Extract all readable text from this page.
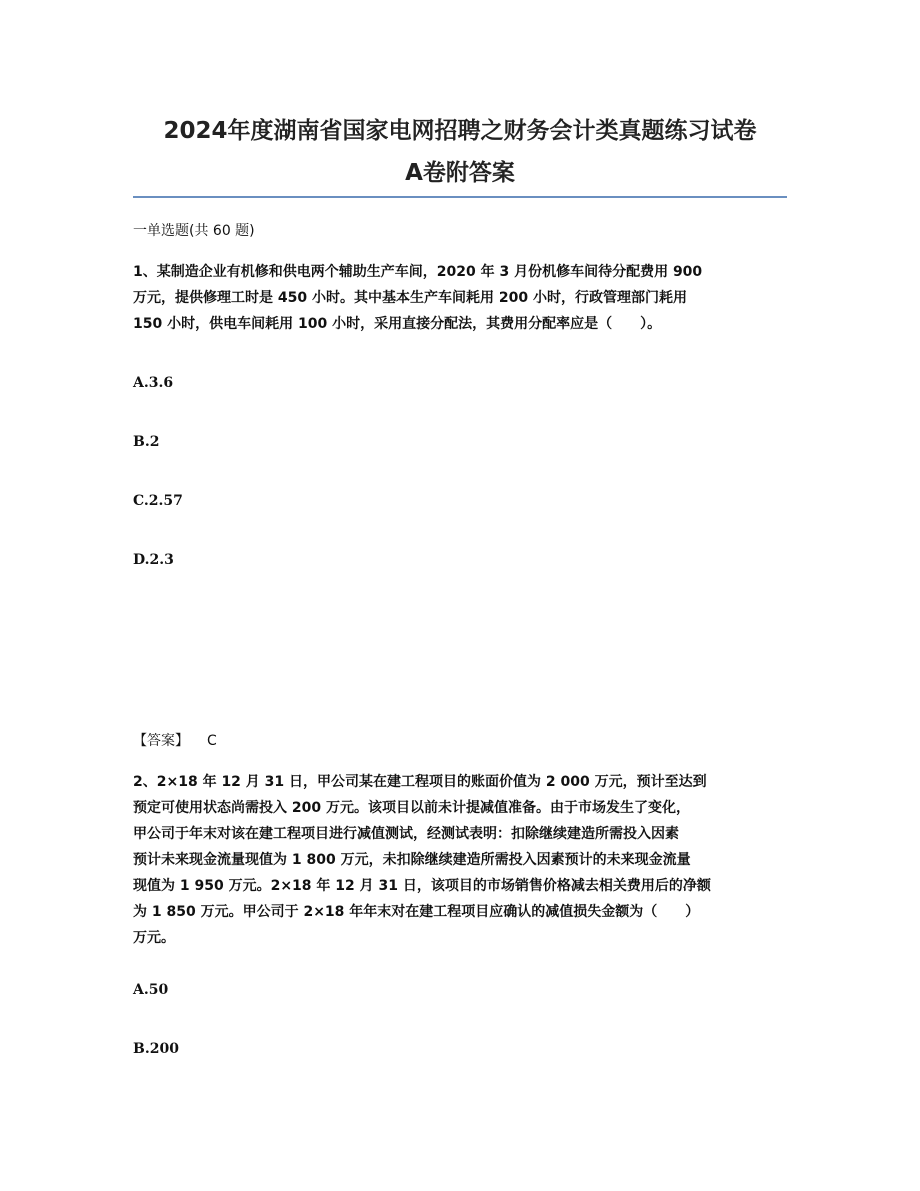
2024年度湖南省国家电网招聘之财务会计类真题练习试卷
A卷附答案
一单选题(共 60 题)
1、某制造企业有机修和供电两个辅助生产车间，2020 年 3 月份机修车间待分配费用 900
万元，提供修理工时是 450 小时。其中基本生产车间耗用 200 小时，行政管理部门耗用
150 小时，供电车间耗用 100 小时，采用直接分配法，其费用分配率应是（　　）。
A.3.6
B.2
C.2.57
D.2.3
【答案】 C
2、2×18 年 12 月 31 日，甲公司某在建工程项目的账面价值为 2 000 万元，预计至达到
预定可使用状态尚需投入 200 万元。该项目以前未计提减值准备。由于市场发生了变化，
甲公司于年末对该在建工程项目进行减值测试，经测试表明：扣除继续建造所需投入因素
预计未来现金流量现值为 1 800 万元，未扣除继续建造所需投入因素预计的未来现金流量
现值为 1 950 万元。2×18 年 12 月 31 日，该项目的市场销售价格减去相关费用后的净额
为 1 850 万元。甲公司于 2×18 年年末对在建工程项目应确认的减值损失金额为（　　）
万元。
A.50
B.200
